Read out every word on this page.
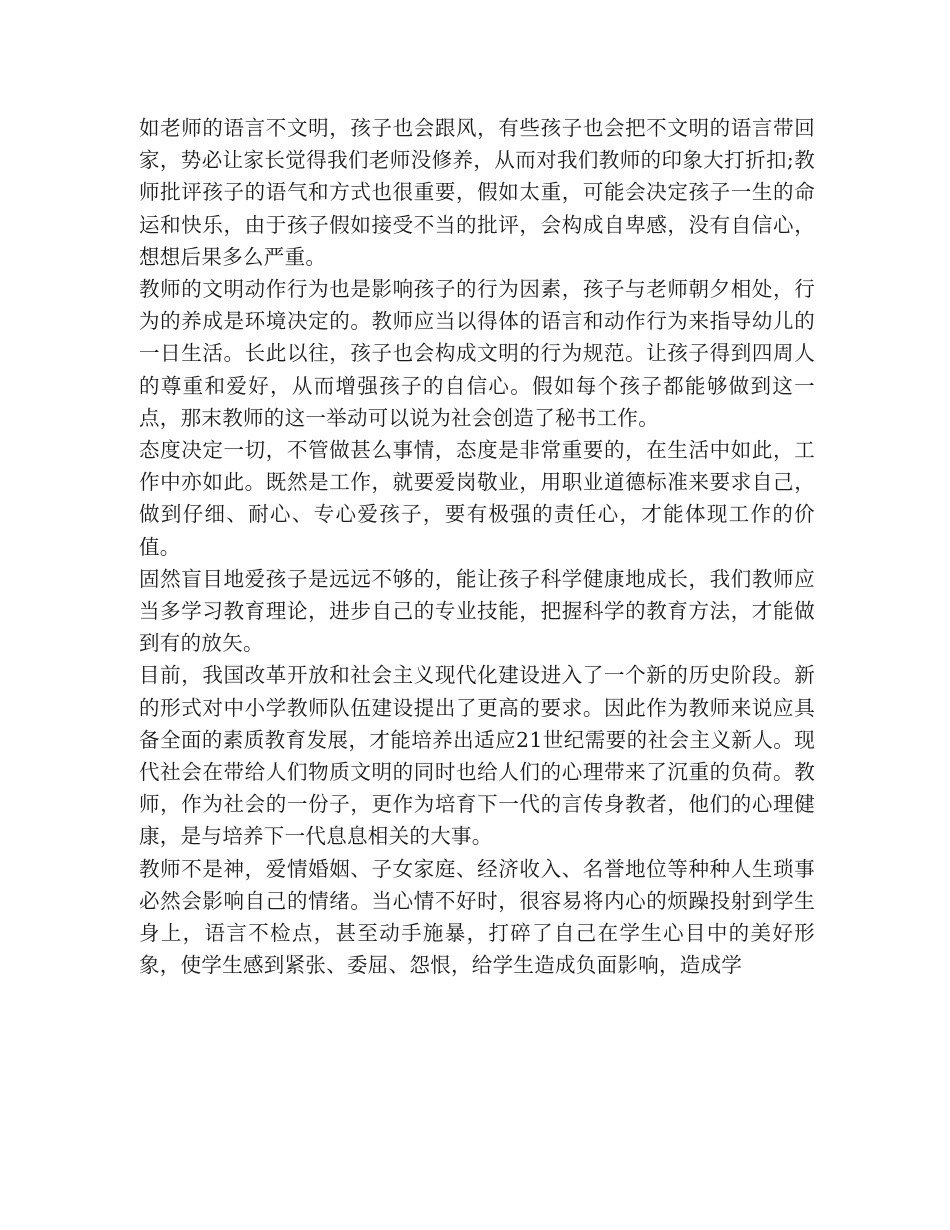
如老师的语言不文明，孩子也会跟风，有些孩子也会把不文明的语言带回家，势必让家长觉得我们老师没修养，从而对我们教师的印象大打折扣;教师批评孩子的语气和方式也很重要，假如太重，可能会决定孩子一生的命运和快乐，由于孩子假如接受不当的批评，会构成自卑感，没有自信心，想想后果多么严重。

教师的文明动作行为也是影响孩子的行为因素，孩子与老师朝夕相处，行为的养成是环境决定的。教师应当以得体的语言和动作行为来指导幼儿的一日生活。长此以往，孩子也会构成文明的行为规范。让孩子得到四周人的尊重和爱好，从而增强孩子的自信心。假如每个孩子都能够做到这一点，那末教师的这一举动可以说为社会创造了秘书工作。

态度决定一切，不管做甚么事情，态度是非常重要的，在生活中如此，工作中亦如此。既然是工作，就要爱岗敬业，用职业道德标准来要求自己，做到仔细、耐心、专心爱孩子，要有极强的责任心，才能体现工作的价值。

固然盲目地爱孩子是远远不够的，能让孩子科学健康地成长，我们教师应当多学习教育理论，进步自己的专业技能，把握科学的教育方法，才能做到有的放矢。

目前，我国改革开放和社会主义现代化建设进入了一个新的历史阶段。新的形式对中小学教师队伍建设提出了更高的要求。因此作为教师来说应具备全面的素质教育发展，才能培养出适应21世纪需要的社会主义新人。现代社会在带给人们物质文明的同时也给人们的心理带来了沉重的负荷。教师，作为社会的一份子，更作为培育下一代的言传身教者，他们的心理健康，是与培养下一代息息相关的大事。

教师不是神，爱情婚姻、子女家庭、经济收入、名誉地位等种种人生琐事必然会影响自己的情绪。当心情不好时，很容易将内心的烦躁投射到学生身上，语言不检点，甚至动手施暴，打碎了自己在学生心目中的美好形象，使学生感到紧张、委屈、怨恨，给学生造成负面影响，造成学
